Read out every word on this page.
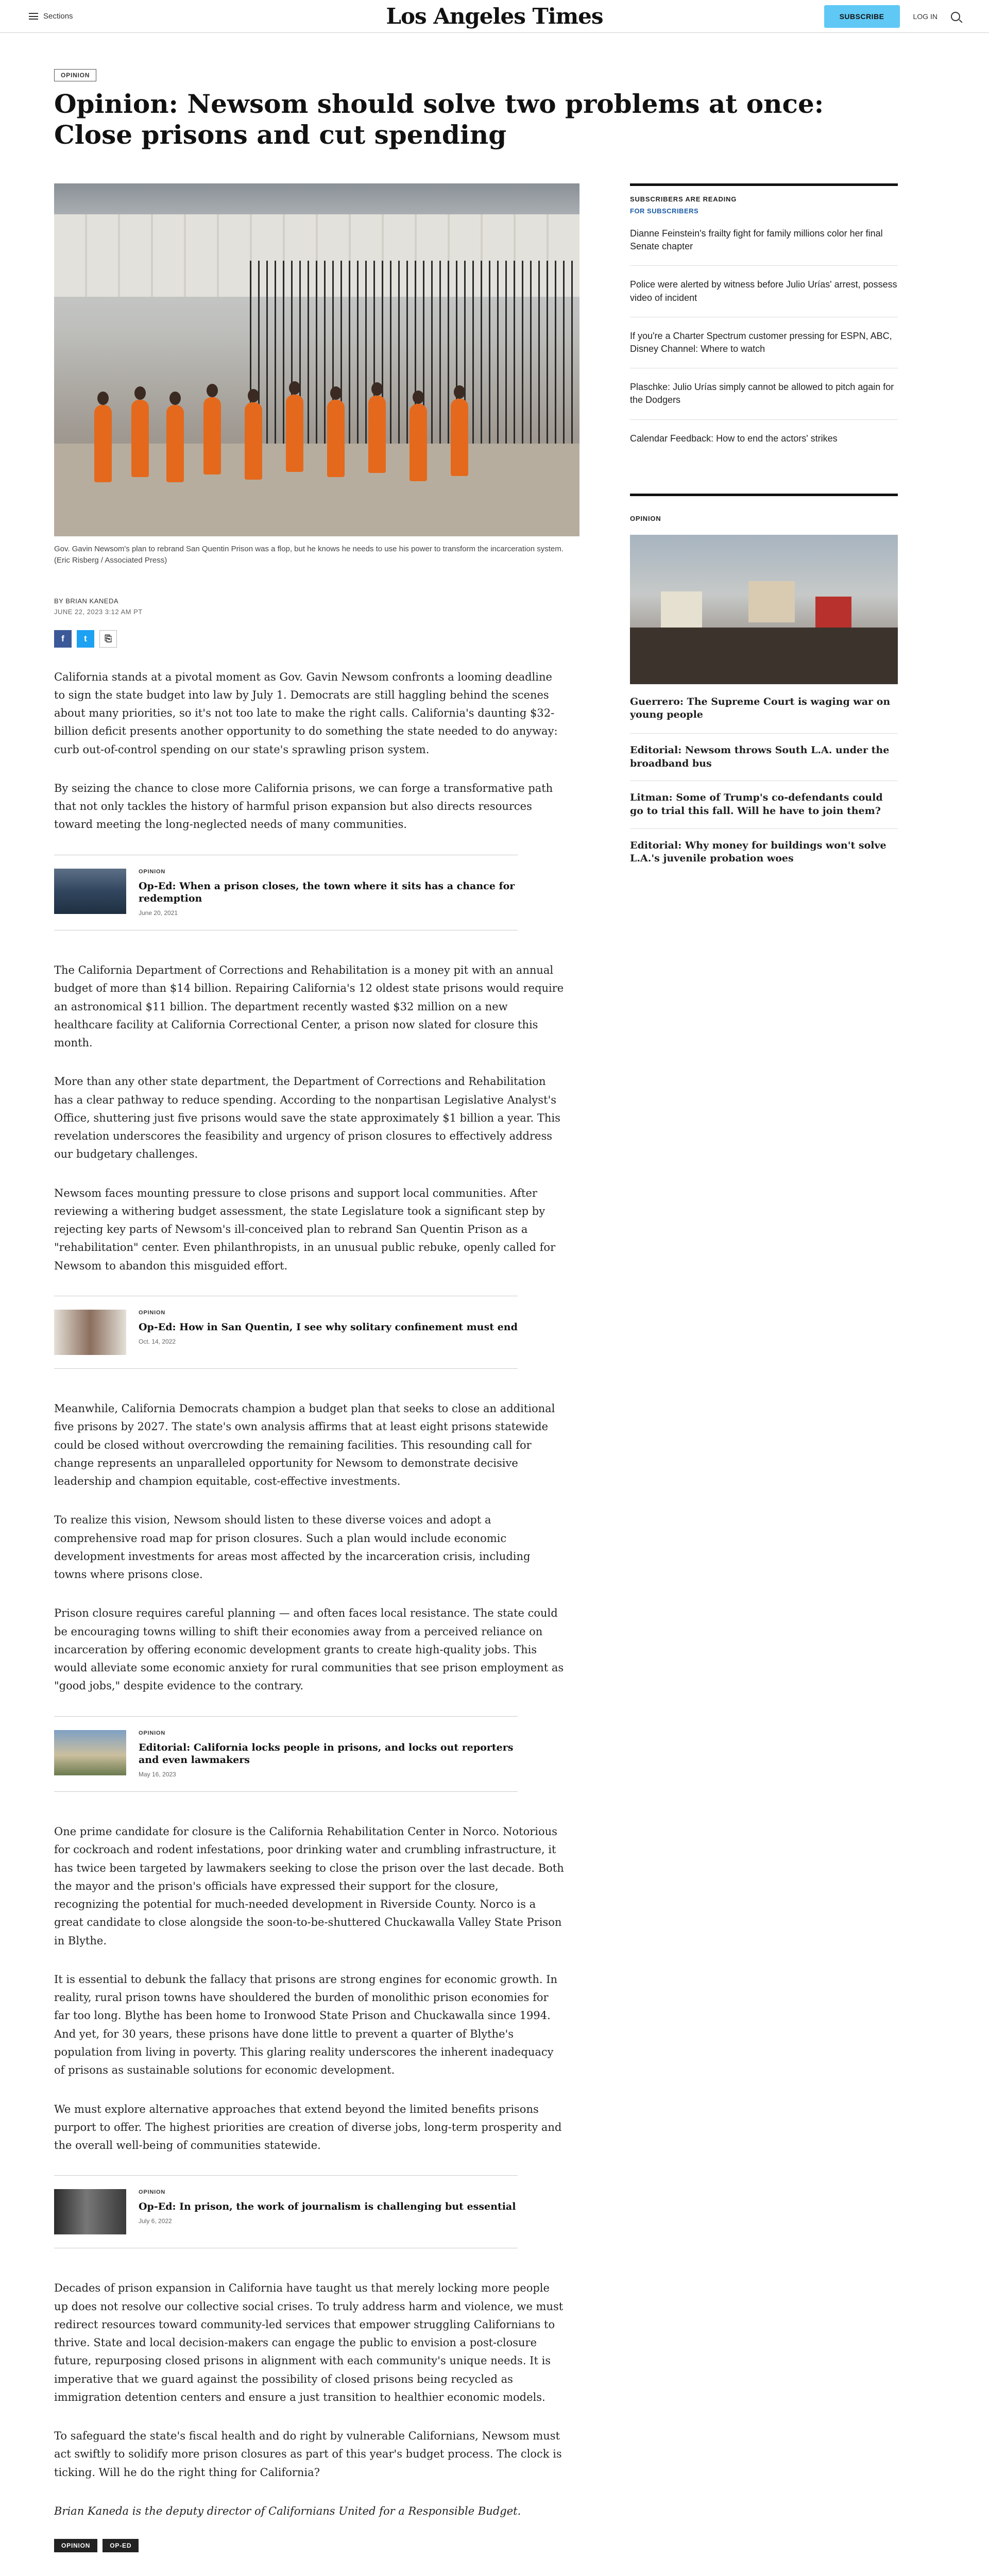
Sections	Los Angeles Times	SUBSCRIBE	LOG IN
OPINION
Opinion: Newsom should solve two problems at once: Close prisons and cut spending

Gov. Gavin Newsom's plan to rebrand San Quentin Prison was a flop, but he knows he needs to use his power to transform the incarceration system. (Eric Risberg / Associated Press)

BY BRIAN KANEDA
JUNE 22, 2023 3:12 AM PT
f	t	⎘

California stands at a pivotal moment as Gov. Gavin Newsom confronts a looming deadline to sign the state budget into law by July 1. Democrats are still haggling behind the scenes about many priorities, so it's not too late to make the right calls. California's daunting $32-billion deficit presents another opportunity to do something the state needed to do anyway: curb out-of-control spending on our state's sprawling prison system.

By seizing the chance to close more California prisons, we can forge a transformative path that not only tackles the history of harmful prison expansion but also directs resources toward meeting the long-neglected needs of many communities.

OPINION
Op-Ed: When a prison closes, the town where it sits has a chance for redemption
June 20, 2021

The California Department of Corrections and Rehabilitation is a money pit with an annual budget of more than $14 billion. Repairing California's 12 oldest state prisons would require an astronomical $11 billion. The department recently wasted $32 million on a new healthcare facility at California Correctional Center, a prison now slated for closure this month.

More than any other state department, the Department of Corrections and Rehabilitation has a clear pathway to reduce spending. According to the nonpartisan Legislative Analyst's Office, shuttering just five prisons would save the state approximately $1 billion a year. This revelation underscores the feasibility and urgency of prison closures to effectively address our budgetary challenges.

Newsom faces mounting pressure to close prisons and support local communities. After reviewing a withering budget assessment, the state Legislature took a significant step by rejecting key parts of Newsom's ill-conceived plan to rebrand San Quentin Prison as a "rehabilitation" center. Even philanthropists, in an unusual public rebuke, openly called for Newsom to abandon this misguided effort.

OPINION
Op-Ed: How in San Quentin, I see why solitary confinement must end
Oct. 14, 2022

Meanwhile, California Democrats champion a budget plan that seeks to close an additional five prisons by 2027. The state's own analysis affirms that at least eight prisons statewide could be closed without overcrowding the remaining facilities. This resounding call for change represents an unparalleled opportunity for Newsom to demonstrate decisive leadership and champion equitable, cost-effective investments.

To realize this vision, Newsom should listen to these diverse voices and adopt a comprehensive road map for prison closures. Such a plan would include economic development investments for areas most affected by the incarceration crisis, including towns where prisons close.

Prison closure requires careful planning — and often faces local resistance. The state could be encouraging towns willing to shift their economies away from a perceived reliance on incarceration by offering economic development grants to create high-quality jobs. This would alleviate some economic anxiety for rural communities that see prison employment as "good jobs," despite evidence to the contrary.

OPINION
Editorial: California locks people in prisons, and locks out reporters and even lawmakers
May 16, 2023

One prime candidate for closure is the California Rehabilitation Center in Norco. Notorious for cockroach and rodent infestations, poor drinking water and crumbling infrastructure, it has twice been targeted by lawmakers seeking to close the prison over the last decade. Both the mayor and the prison's officials have expressed their support for the closure, recognizing the potential for much-needed development in Riverside County. Norco is a great candidate to close alongside the soon-to-be-shuttered Chuckawalla Valley State Prison in Blythe.

It is essential to debunk the fallacy that prisons are strong engines for economic growth. In reality, rural prison towns have shouldered the burden of monolithic prison economies for far too long. Blythe has been home to Ironwood State Prison and Chuckawalla since 1994. And yet, for 30 years, these prisons have done little to prevent a quarter of Blythe's population from living in poverty. This glaring reality underscores the inherent inadequacy of prisons as sustainable solutions for economic development.

We must explore alternative approaches that extend beyond the limited benefits prisons purport to offer. The highest priorities are creation of diverse jobs, long-term prosperity and the overall well-being of communities statewide.

OPINION
Op-Ed: In prison, the work of journalism is challenging but essential
July 6, 2022

Decades of prison expansion in California have taught us that merely locking more people up does not resolve our collective social crises. To truly address harm and violence, we must redirect resources toward community-led services that empower struggling Californians to thrive. State and local decision-makers can engage the public to envision a post-closure future, repurposing closed prisons in alignment with each community's unique needs. It is imperative that we guard against the possibility of closed prisons being recycled as immigration detention centers and ensure a just transition to healthier economic models.

To safeguard the state's fiscal health and do right by vulnerable Californians, Newsom must act swiftly to solidify more prison closures as part of this year's budget process. The clock is ticking. Will he do the right thing for California?

Brian Kaneda is the deputy director of Californians United for a Responsible Budget.
OPINION	OP-ED
SUBSCRIBERS ARE READING
FOR SUBSCRIBERS
Dianne Feinstein's frailty fight for family millions color her final Senate chapter
Police were alerted by witness before Julio Urías' arrest, possess video of incident
If you're a Charter Spectrum customer pressing for ESPN, ABC, Disney Channel: Where to watch
Plaschke: Julio Urías simply cannot be allowed to pitch again for the Dodgers
Calendar Feedback: How to end the actors' strikes
OPINION
Guerrero: The Supreme Court is waging war on young people
Editorial: Newsom throws South L.A. under the broadband bus
Litman: Some of Trump's co-defendants could go to trial this fall. Will he have to join them?
Editorial: Why money for buildings won't solve L.A.'s juvenile probation woes
